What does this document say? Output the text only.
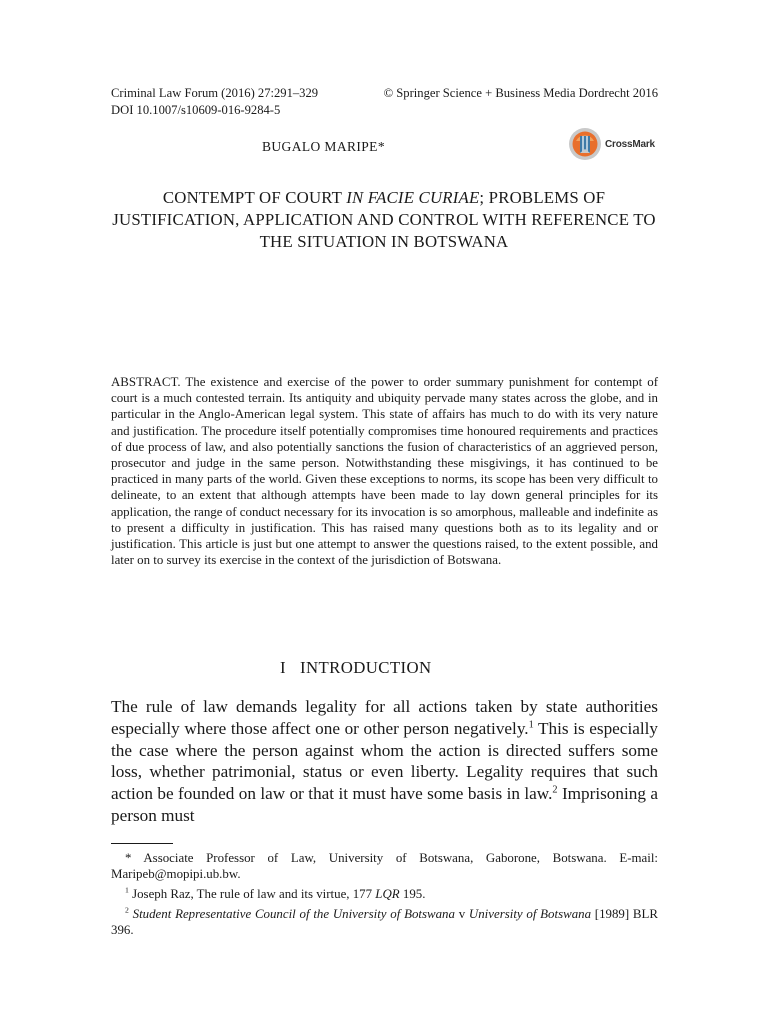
Criminal Law Forum (2016) 27:291–329	© Springer Science + Business Media Dordrecht 2016
DOI 10.1007/s10609-016-9284-5
BUGALO MARIPE*	CrossMark
CONTEMPT OF COURT IN FACIE CURIAE; PROBLEMS OF JUSTIFICATION, APPLICATION AND CONTROL WITH REFERENCE TO THE SITUATION IN BOTSWANA
ABSTRACT. The existence and exercise of the power to order summary punishment for contempt of court is a much contested terrain. Its antiquity and ubiquity pervade many states across the globe, and in particular in the Anglo-American legal system. This state of affairs has much to do with its very nature and justification. The procedure itself potentially compromises time honoured requirements and practices of due process of law, and also potentially sanctions the fusion of characteristics of an aggrieved person, prosecutor and judge in the same person. Notwithstanding these misgivings, it has continued to be practiced in many parts of the world. Given these exceptions to norms, its scope has been very difficult to delineate, to an extent that although attempts have been made to lay down general principles for its application, the range of conduct necessary for its invocation is so amorphous, malleable and indefinite as to present a difficulty in justification. This has raised many questions both as to its legality and or justification. This article is just but one attempt to answer the questions raised, to the extent possible, and later on to survey its exercise in the context of the jurisdiction of Botswana.
I INTRODUCTION
The rule of law demands legality for all actions taken by state authorities especially where those affect one or other person negatively.$^1$ This is especially the case where the person against whom the action is directed suffers some loss, whether patrimonial, status or even liberty. Legality requires that such action be founded on law or that it must have some basis in law.$^2$ Imprisoning a person must
* Associate Professor of Law, University of Botswana, Gaborone, Botswana. E-mail: Maripeb@mopipi.ub.bw.
$^1$ Joseph Raz, The rule of law and its virtue, 177 LQR 195.
$^2$ Student Representative Council of the University of Botswana v University of Botswana [1989] BLR 396.
